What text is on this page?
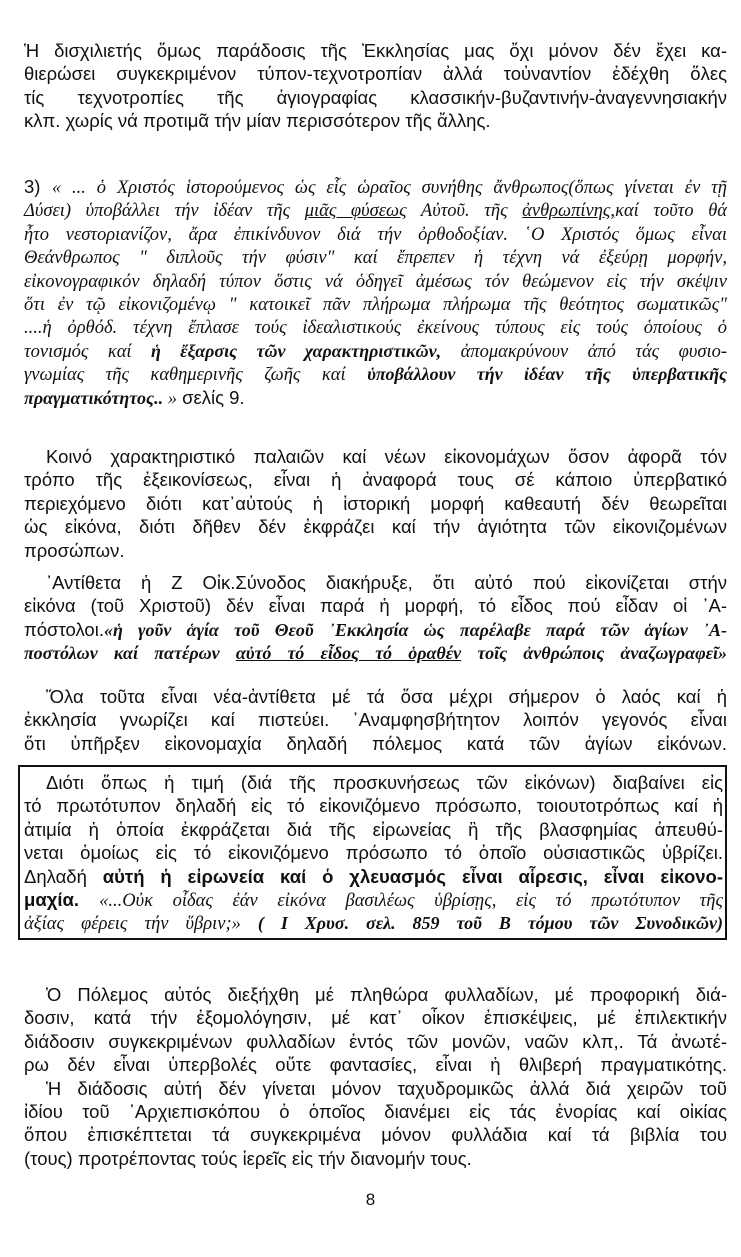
Ἡ δισχιλιετής ὅμως παράδοσις τῆς Ἐκκλησίας μας ὄχι μόνον δέν ἔχει κα-
θιερώσει συγκεκριμένον τύπον-τεχνοτροπίαν ἀλλά τοὐναντίον ἐδέχθη ὅλες
τίς τεχνοτροπίες τῆς ἁγιογραφίας κλασσικήν-βυζαντινήν-ἀναγεννησιακήν
κλπ. χωρίς νά προτιμᾶ τήν μίαν περισσότερον τῆς ἄλλης.
3) « ... ὁ Χριστός ἱστορούμενος ὡς εἷς ὡραῖος συνήθης ἄνθρωπος(ὅπως γίνεται ἐν τῇ
Δύσει) ὑποβάλλει τήν ἰδέαν τῆς μιᾶς φύσεως Αὐτοῦ. τῆς ἀνθρωπίνης,καί τοῦτο θά
ἦτο νεστοριανίζον, ἄρα ἐπικίνδυνον διά τήν ὀρθοδοξίαν. ῾Ο Χριστός ὅμως εἶναι
Θεάνθρωπος " διπλοῦς τήν φύσιν" καί ἔπρεπεν ἡ τέχνη νά ἐξεύρῃ μορφήν,
εἰκονογραφικόν δηλαδή τύπον ὅστις νά ὁδηγεῖ ἀμέσως τόν θεώμενον εἰς τήν σκέψιν
ὅτι ἐν τῷ εἰκονιζομένῳ " κατοικεῖ πᾶν πλήρωμα πλήρωμα τῆς θεότητος σωματικῶς"
....ἡ ὀρθόδ. τέχνη ἔπλασε τούς ἰδεαλιστικούς ἐκείνους τύπους εἰς τούς ὁποίους ὁ
τονισμός καί ἡ ἔξαρσις τῶν χαρακτηριστικῶν, ἀπομακρύνουν ἀπό τάς φυσιο-
γνωμίας τῆς καθημερινῆς ζωῆς καί ὑποβάλλουν τήν ἰδέαν τῆς ὑπερβατικῆς
πραγματικότητος.. » σελίς 9.
Κοινό χαρακτηριστικό παλαιῶν καί νέων εἰκονομάχων ὅσον ἀφορᾶ τόν
τρόπο τῆς ἐξεικονίσεως, εἶναι ἡ ἀναφορά τους σέ κάποιο ὑπερβατικό
περιεχόμενο διότι κατ᾽αὐτούς ἡ ἱστορική μορφή καθεαυτή δέν θεωρεῖται
ὡς εἰκόνα, διότι δῆθεν δέν ἐκφράζει καί τήν ἁγιότητα τῶν εἰκονιζομένων
προσώπων.
᾽Αντίθετα ἡ Ζ Οἰκ.Σύνοδος διακήρυξε, ὅτι αὐτό πού εἰκονίζεται στήν
εἰκόνα (τοῦ Χριστοῦ) δέν εἶναι παρά ἡ μορφή, τό εἶδος πού εἶδαν οἱ ᾽Α-
πόστολοι.«ἡ γοῦν ἁγία τοῦ Θεοῦ ᾽Εκκλησία ὡς παρέλαβε παρά τῶν ἁγίων ᾽Α-
ποστόλων καί πατέρων αὐτό τό εἶδος τό ὁραθέν τοῖς ἀνθρώποις ἀναζωγραφεῖ»
Ὅλα τοῦτα εἶναι νέα-ἀντίθετα μέ τά ὅσα μέχρι σήμερον ὁ λαός καί ἡ
ἐκκλησία γνωρίζει καί πιστεύει. ᾽Αναμφησβήτητον λοιπόν γεγονός εἶναι
ὅτι ὑπῆρξεν εἰκονομαχία δηλαδή πόλεμος κατά τῶν ἁγίων εἰκόνων.
Διότι ὅπως ἡ τιμή (διά τῆς προσκυνήσεως τῶν εἰκόνων) διαβαίνει εἰς
τό πρωτότυπον δηλαδή εἰς τό εἰκονιζόμενο πρόσωπο, τοιουτοτρόπως καί ἡ
ἀτιμία ἡ ὁποία ἐκφράζεται διά τῆς εἰρωνείας ἢ τῆς βλασφημίας ἀπευθύ-
νεται ὁμοίως εἰς τό εἰκονιζόμενο πρόσωπο τό ὁποῖο οὐσιαστικῶς ὑβρίζει.
Δηλαδή αὐτή ἡ εἰρωνεία καί ὁ χλευασμός εἶναι αἷρεσις, εἶναι εἰκονο-
μαχία. «...Οὐκ οἶδας ἐάν εἰκόνα βασιλέως ὑβρίσῃς, εἰς τό πρωτότυπον τῆς
ἀξίας φέρεις τήν ὕβριν;» ( Ι Χρυσ. σελ. 859 τοῦ Β τόμου τῶν Συνοδικῶν)
Ὁ Πόλεμος αὐτός διεξήχθη μέ πληθώρα φυλλαδίων, μέ προφορική διά-
δοσιν, κατά τήν ἐξομολόγησιν, μέ κατ᾽ οἶκον ἐπισκέψεις, μέ ἐπιλεκτικήν
διάδοσιν συγκεκριμένων φυλλαδίων ἐντός τῶν μονῶν, ναῶν κλπ,. Τά ἀνωτέ-
ρω δέν εἶναι ὑπερβολές οὔτε φαντασίες, εἶναι ἡ θλιβερή πραγματικότης.
Ἡ διάδοσις αὐτή δέν γίνεται μόνον ταχυδρομικῶς ἀλλά διά χειρῶν τοῦ
ἰδίου τοῦ ᾽Αρχιεπισκόπου ὁ ὁποῖος διανέμει εἰς τάς ἐνορίας καί οἰκίας
ὅπου ἐπισκέπτεται τά συγκεκριμένα μόνον φυλλάδια καί τά βιβλία του
(τους) προτρέποντας τούς ἱερεῖς εἰς τήν διανομήν τους.
8
